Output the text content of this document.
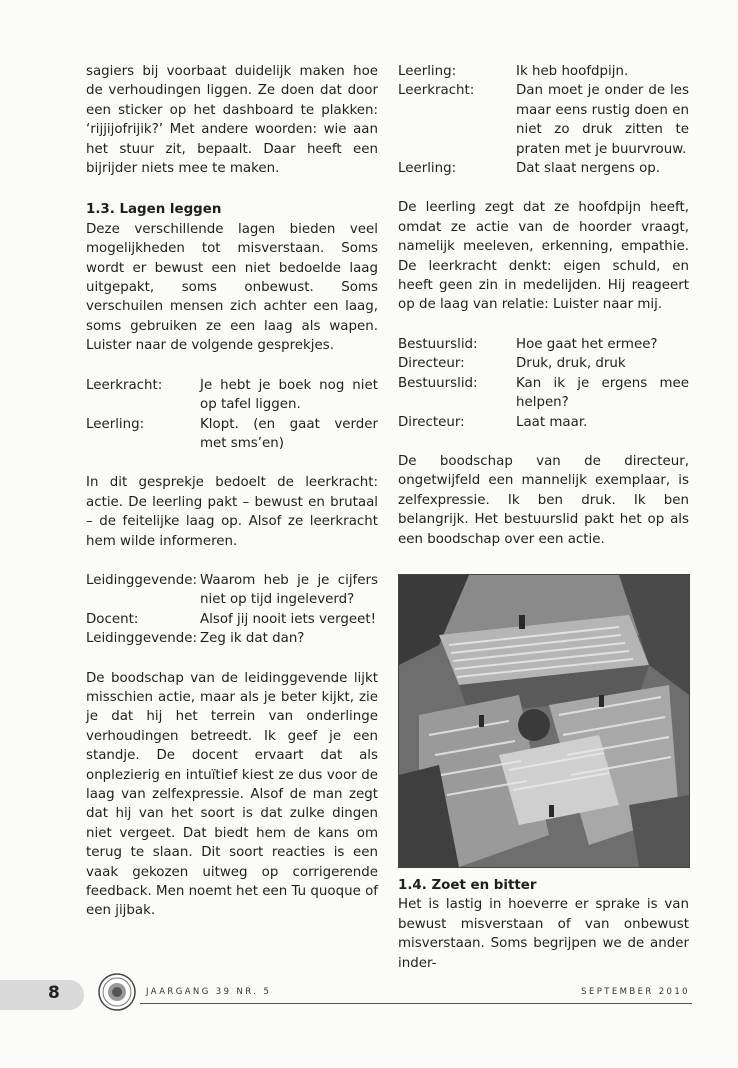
sagiers bij voorbaat duidelijk maken hoe de verhoudingen liggen. Ze doen dat door een sticker op het dashboard te plakken: ‘rijjijofrijik?’ Met andere woorden: wie aan het stuur zit, bepaalt. Daar heeft een bijrijder niets mee te maken.

1.3. Lagen leggen

Deze verschillende lagen bieden veel mogelijkheden tot misverstaan. Soms wordt er bewust een niet bedoelde laag uitgepakt, soms onbewust. Soms verschuilen mensen zich achter een laag, soms gebruiken ze een laag als wapen. Luister naar de volgende gesprekjes.

Leerkracht:	Je hebt je boek nog niet op tafel liggen.
Leerling:	Klopt. (en gaat verder met sms’en)

In dit gesprekje bedoelt de leerkracht: actie. De leerling pakt – bewust en brutaal – de feitelijke laag op. Alsof ze leerkracht hem wilde informeren.

Leidinggevende:	Waarom heb je je cijfers niet op tijd ingeleverd?
Docent:	Alsof jij nooit iets vergeet!
Leidinggevende:	Zeg ik dat dan?

De boodschap van de leidinggevende lijkt misschien actie, maar als je beter kijkt, zie je dat hij het terrein van onderlinge verhoudingen betreedt. Ik geef je een standje. De docent ervaart dat als onplezierig en intuïtief kiest ze dus voor de laag van zelfexpressie. Alsof de man zegt dat hij van het soort is dat zulke dingen niet vergeet. Dat biedt hem de kans om terug te slaan. Dit soort reacties is een vaak gekozen uitweg op corrigerende feedback. Men noemt het een Tu quoque of een jijbak.

Leerling:	Ik heb hoofdpijn.
Leerkracht:	Dan moet je onder de les maar eens rustig doen en niet zo druk zitten te praten met je buurvrouw.
Leerling:	Dat slaat nergens op.

De leerling zegt dat ze hoofdpijn heeft, omdat ze actie van de hoorder vraagt, namelijk meeleven, erkenning, empathie. De leerkracht denkt: eigen schuld, en heeft geen zin in medelijden. Hij reageert op de laag van relatie: Luister naar mij.

Bestuurslid:	Hoe gaat het ermee?
Directeur:	Druk, druk, druk
Bestuurslid:	Kan ik je ergens mee helpen?
Directeur:	Laat maar.

De boodschap van de directeur, ongetwijfeld een mannelijk exemplaar, is zelfexpressie. Ik ben druk. Ik ben belangrijk. Het bestuurslid pakt het op als een boodschap over een actie.

1.4. Zoet en bitter

Het is lastig in hoeverre er sprake is van bewust misverstaan of van onbewust misverstaan. Soms begrijpen we de ander inder-

8	JAARGANG 39 NR. 5	SEPTEMBER 2010
